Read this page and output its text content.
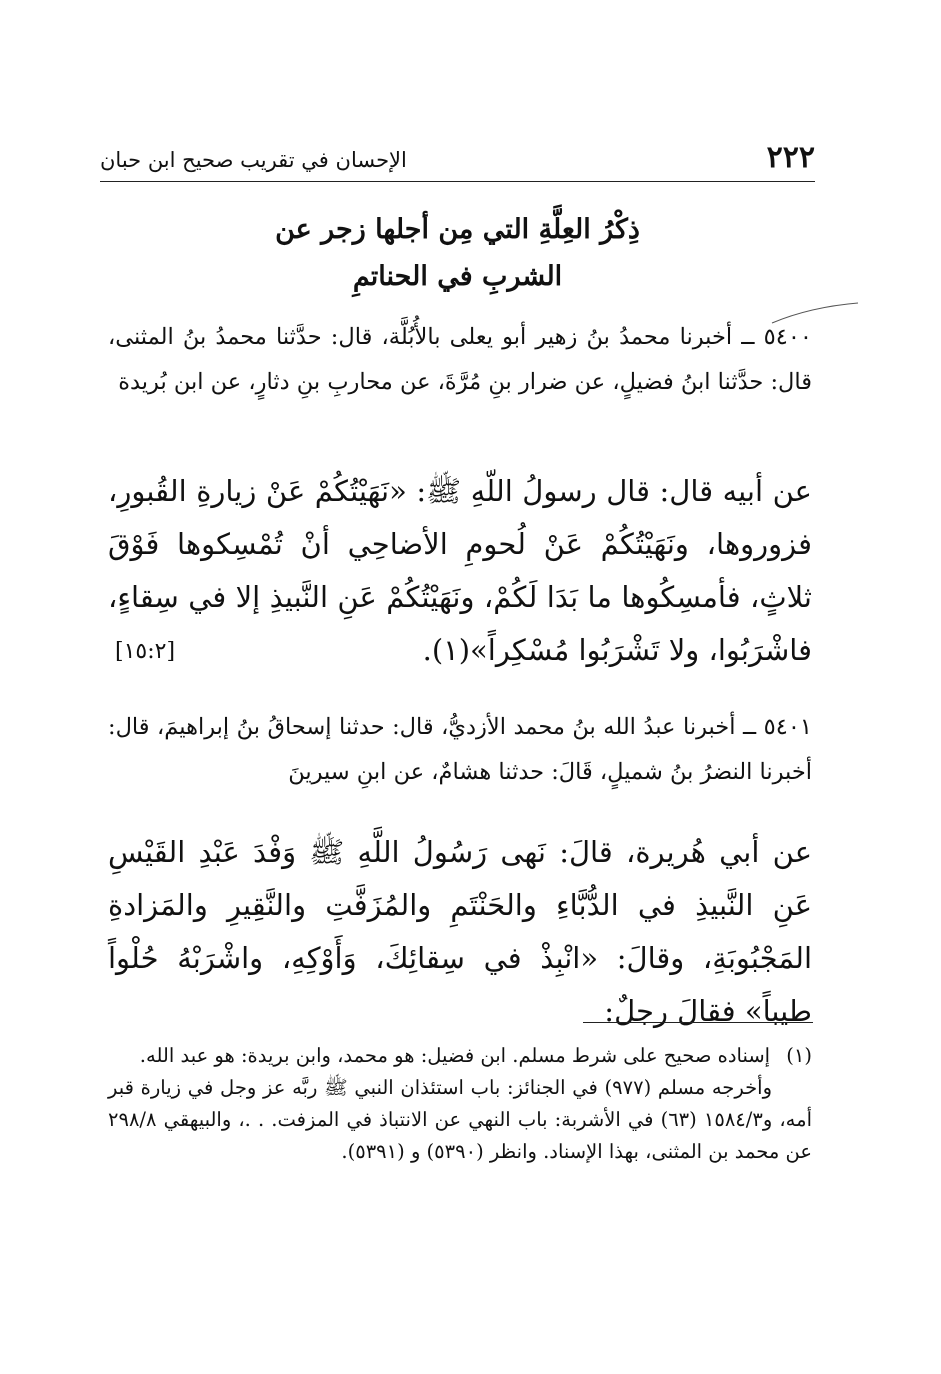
٢٢٢
الإحسان في تقريب صحيح ابن حبان
ذِكْرُ العِلَّةِ التي مِن أجلها زجر عن
الشربِ في الحناتمِ
٥٤٠٠ ــ أخبرنا محمدُ بنُ زهير أبو يعلى بالأُبُلَّة، قال: حدَّثنا محمدُ بنُ المثنى، قال: حدَّثنا ابنُ فضيلٍ، عن ضرار بنِ مُرَّةَ، عن محاربِ بنِ دثارٍ، عن ابن بُريدة
عن أبيه قال: قال رسولُ اللّهِ ﷺ: «نَهَيْتُكُمْ عَنْ زيارةِ القُبورِ، فزوروها، ونَهَيْتُكُمْ عَنْ لُحومِ الأضاحِي أنْ تُمْسِكوها فَوْقَ ثلاثٍ، فأمسِكُوها ما بَدَا لَكُمْ، ونَهَيْتُكُمْ عَنِ النَّبيذِ إلا في سِقاءٍ، فاشْرَبُوا، ولا تَشْرَبُوا مُسْكِراً»(١).
[١٥:٢]
٥٤٠١ ــ أخبرنا عبدُ الله بنُ محمد الأزديُّ، قال: حدثنا إسحاقُ بنُ إبراهيمَ، قال: أخبرنا النضرُ بنُ شميلٍ، قَالَ: حدثنا هشامٌ، عن ابنِ سيرينَ
عن أبي هُريرة، قالَ: نَهى رَسُولُ اللَّهِ ﷺ وَفْدَ عَبْدِ القَيْسِ عَنِ النَّبيذِ في الدُّبَّاءِ والحَنْتَمِ والمُزَفَّتِ والنَّقِيرِ والمَزادةِ المَجْبُوبَةِ، وقالَ: «انْبِذْ في سِقائِكَ، وَأَوْكِهِ، واشْرَبْهُ حُلْواً طيباً» فقالَ رجلٌ:
(١) إسناده صحيح على شرط مسلم. ابن فضيل: هو محمد، وابن بريدة: هو عبد الله.
وأخرجه مسلم (٩٧٧) في الجنائز: باب استئذان النبي ﷺ ربَّه عز وجل في زيارة قبر أمه، و١٥٨٤/٣ (٦٣) في الأشربة: باب النهي عن الانتباذ في المزفت. . .، والبيهقي ٢٩٨/٨ عن محمد بن المثنى، بهذا الإسناد. وانظر (٥٣٩٠) و (٥٣٩١).
